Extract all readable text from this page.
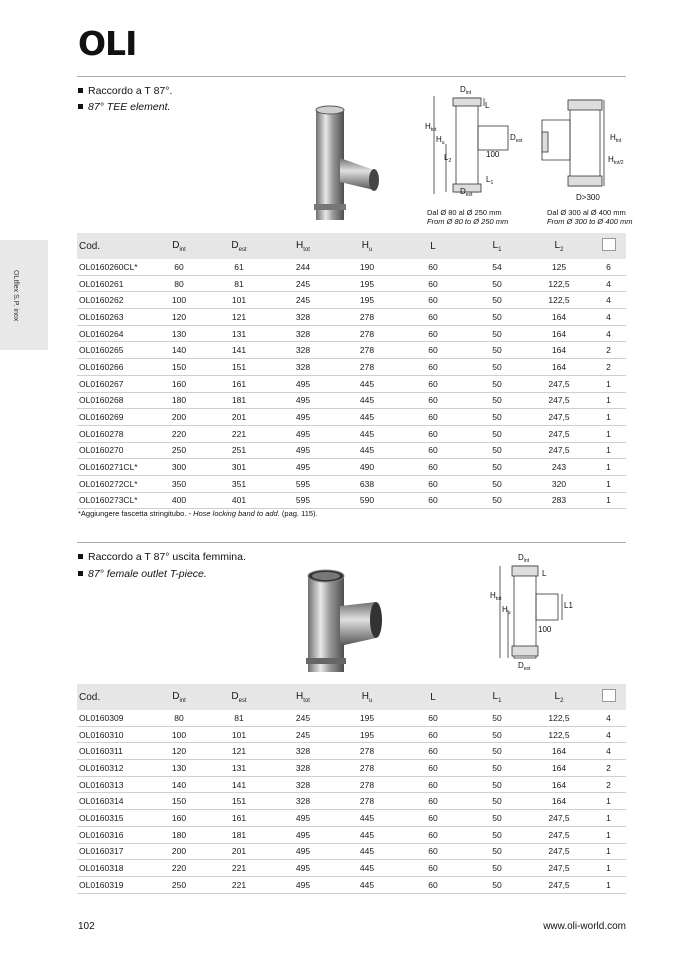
OLIflex S.P. inox
OLI
Raccordo a T 87°.
87° TEE element.
$D_{int}$
L
$H_{tot}$
$H_u$
$D_{est}$
$L_2$
100
$L_1$
$D_{est}$
$H_{tot}$
$H_{tot/2}$
D>300
Dal Ø 80 al Ø 250 mm
From Ø 80 to Ø 250 mm
Dal Ø 300 al Ø 400 mm
From Ø 300 to Ø 400 mm
Cod.	$D_{int}$	$D_{est}$	$H_{tot}$	$H_u$	L	$L_1$	$L_2$	
OL0160260CL*	60	61	244	190	60	54	125	6
OL0160261	80	81	245	195	60	50	122,5	4
OL0160262	100	101	245	195	60	50	122,5	4
OL0160263	120	121	328	278	60	50	164	4
OL0160264	130	131	328	278	60	50	164	4
OL0160265	140	141	328	278	60	50	164	2
OL0160266	150	151	328	278	60	50	164	2
OL0160267	160	161	495	445	60	50	247,5	1
OL0160268	180	181	495	445	60	50	247,5	1
OL0160269	200	201	495	445	60	50	247,5	1
OL0160278	220	221	495	445	60	50	247,5	1
OL0160270	250	251	495	445	60	50	247,5	1
OL0160271CL*	300	301	495	490	60	50	243	1
OL0160272CL*	350	351	595	638	60	50	320	1
OL0160273CL*	400	401	595	590	60	50	283	1
*Aggiungere fascetta stringitubo. - Hose locking band to add. (pag. 115).
Raccordo a T 87° uscita femmina.
87° female outlet T-piece.
$D_{int}$
L
$H_{tot}$
$H_u$
L1
100
$D_{est}$
Cod.	$D_{int}$	$D_{est}$	$H_{tot}$	$H_u$	L	$L_1$	$L_2$	
OL0160309	80	81	245	195	60	50	122,5	4
OL0160310	100	101	245	195	60	50	122,5	4
OL0160311	120	121	328	278	60	50	164	4
OL0160312	130	131	328	278	60	50	164	2
OL0160313	140	141	328	278	60	50	164	2
OL0160314	150	151	328	278	60	50	164	1
OL0160315	160	161	495	445	60	50	247,5	1
OL0160316	180	181	495	445	60	50	247,5	1
OL0160317	200	201	495	445	60	50	247,5	1
OL0160318	220	221	495	445	60	50	247,5	1
OL0160319	250	221	495	445	60	50	247,5	1
102	www.oli-world.com
